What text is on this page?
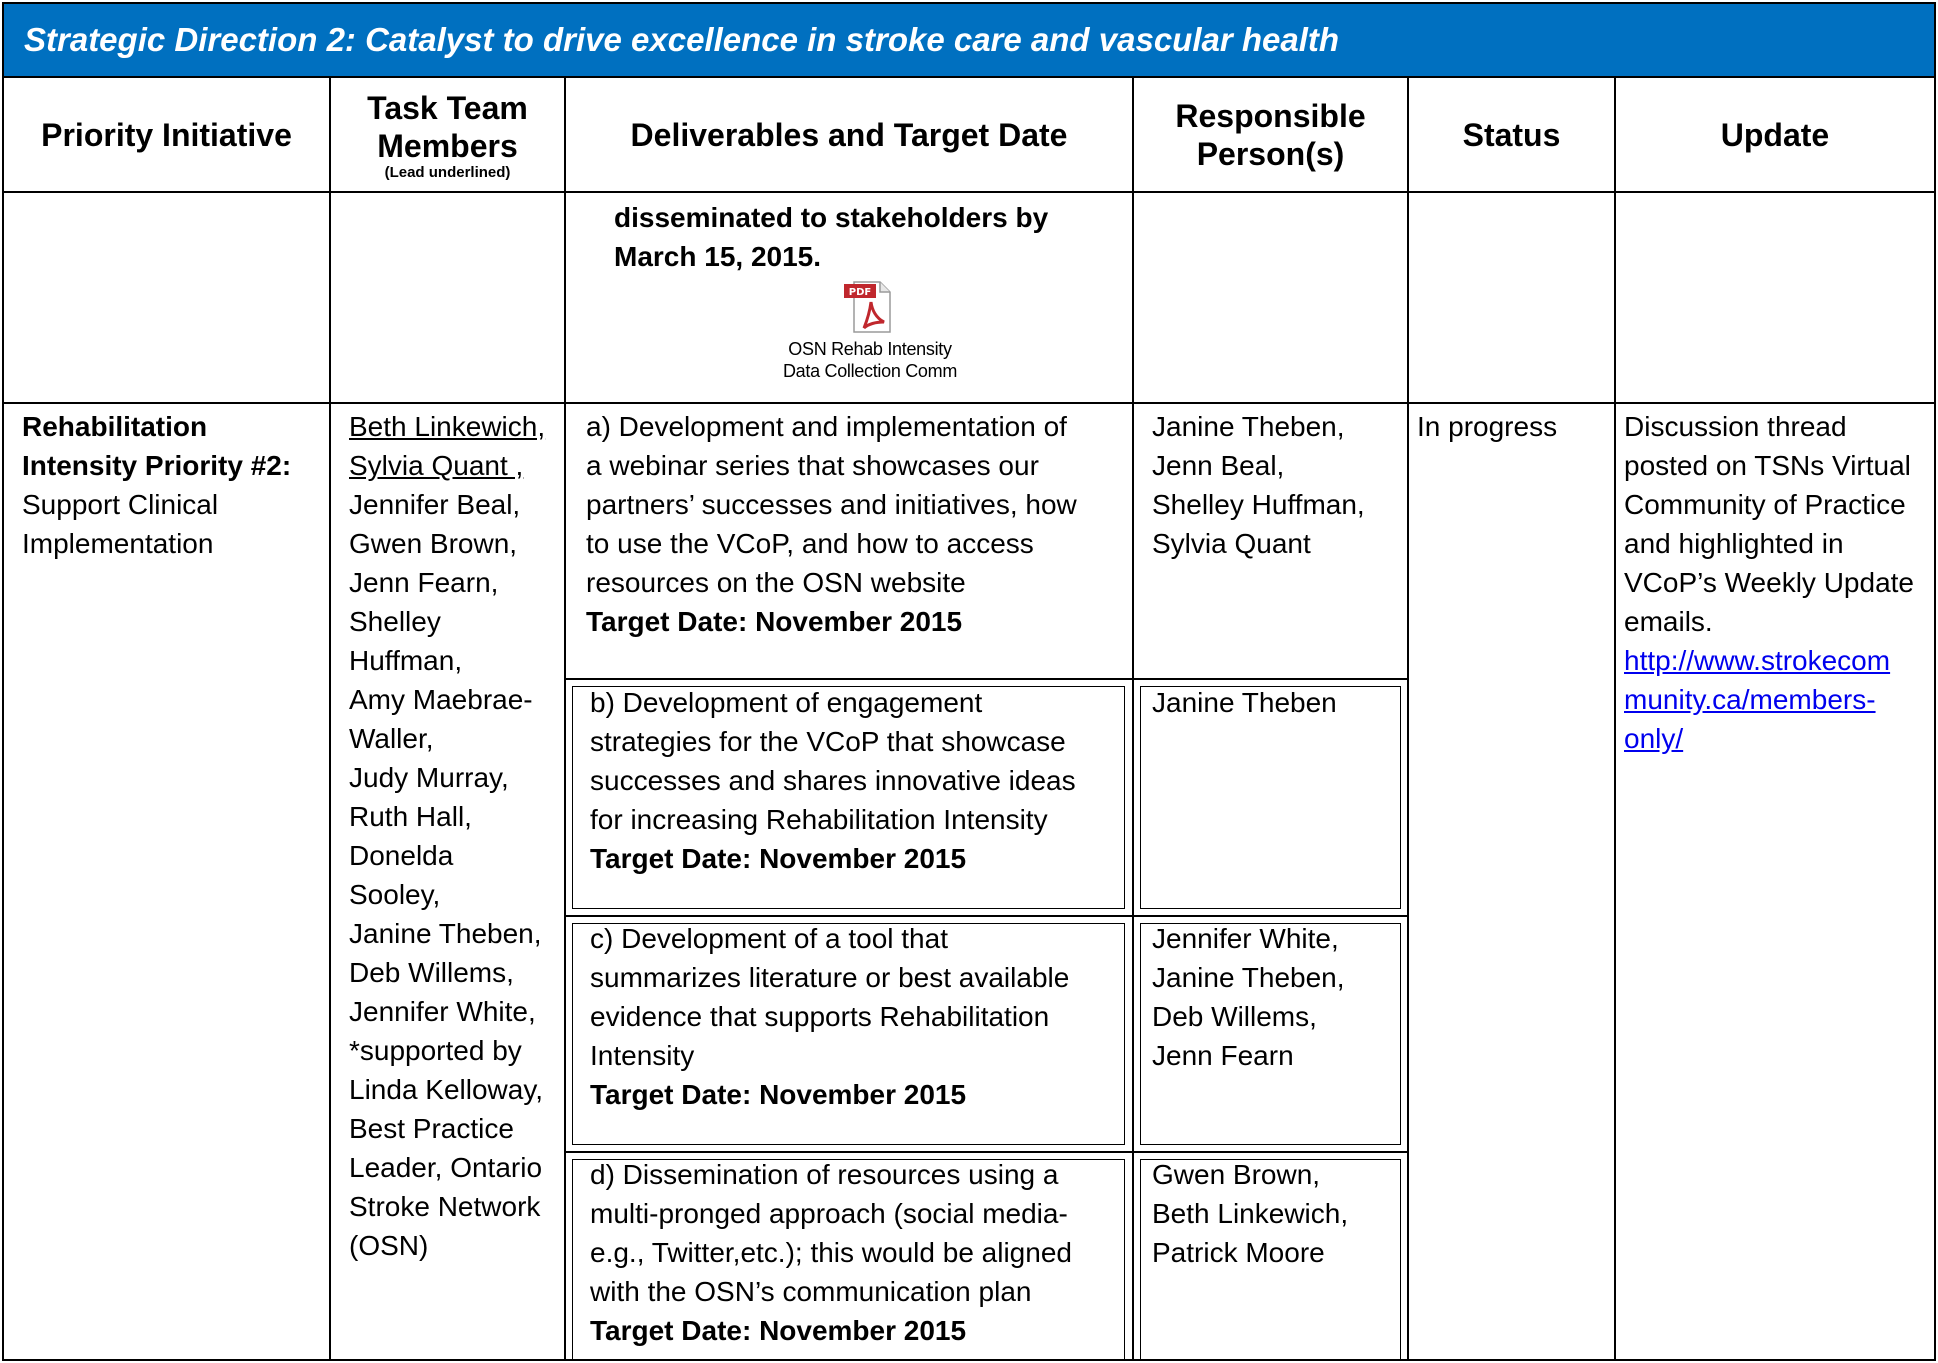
Strategic Direction 2: Catalyst to drive excellence in stroke care and vascular health
Priority Initiative
Task Team
Members
(Lead underlined)
Deliverables and Target Date
Responsible
Person(s)
Status	Update
disseminated to stakeholders by
March 15, 2015.
PDF
OSN Rehab Intensity
Data Collection Comm
Rehabilitation
Intensity Priority #2:
Support Clinical
Implementation
Beth Linkewich,
Sylvia Quant ,
Jennifer Beal,
Gwen Brown,
Jenn Fearn,
Shelley
Huffman,
Amy Maebrae-
Waller,
Judy Murray,
Ruth Hall,
Donelda
Sooley,
Janine Theben,
Deb Willems,
Jennifer White,
*supported by
Linda Kelloway,
Best Practice
Leader, Ontario
Stroke Network
(OSN)
a) Development and implementation of
a webinar series that showcases our
partners’ successes and initiatives, how
to use the VCoP, and how to access
resources on the OSN website
Target Date: November 2015
Janine Theben,
Jenn Beal,
Shelley Huffman,
Sylvia Quant
b) Development of engagement
strategies for the VCoP that showcase
successes and shares innovative ideas
for increasing Rehabilitation Intensity
Target Date: November 2015
Janine Theben
c) Development of a tool that
summarizes literature or best available
evidence that supports Rehabilitation
Intensity
Target Date: November 2015
Jennifer White,
Janine Theben,
Deb Willems,
Jenn Fearn
d) Dissemination of resources using a
multi-pronged approach (social media-
e.g., Twitter,etc.); this would be aligned
with the OSN’s communication plan
Target Date: November 2015
Gwen Brown,
Beth Linkewich,
Patrick Moore
In progress Discussion thread
posted on TSNs Virtual
Community of Practice
and highlighted in
VCoP’s Weekly Update
emails.
http://www.strokecom
munity.ca/members-
only/
